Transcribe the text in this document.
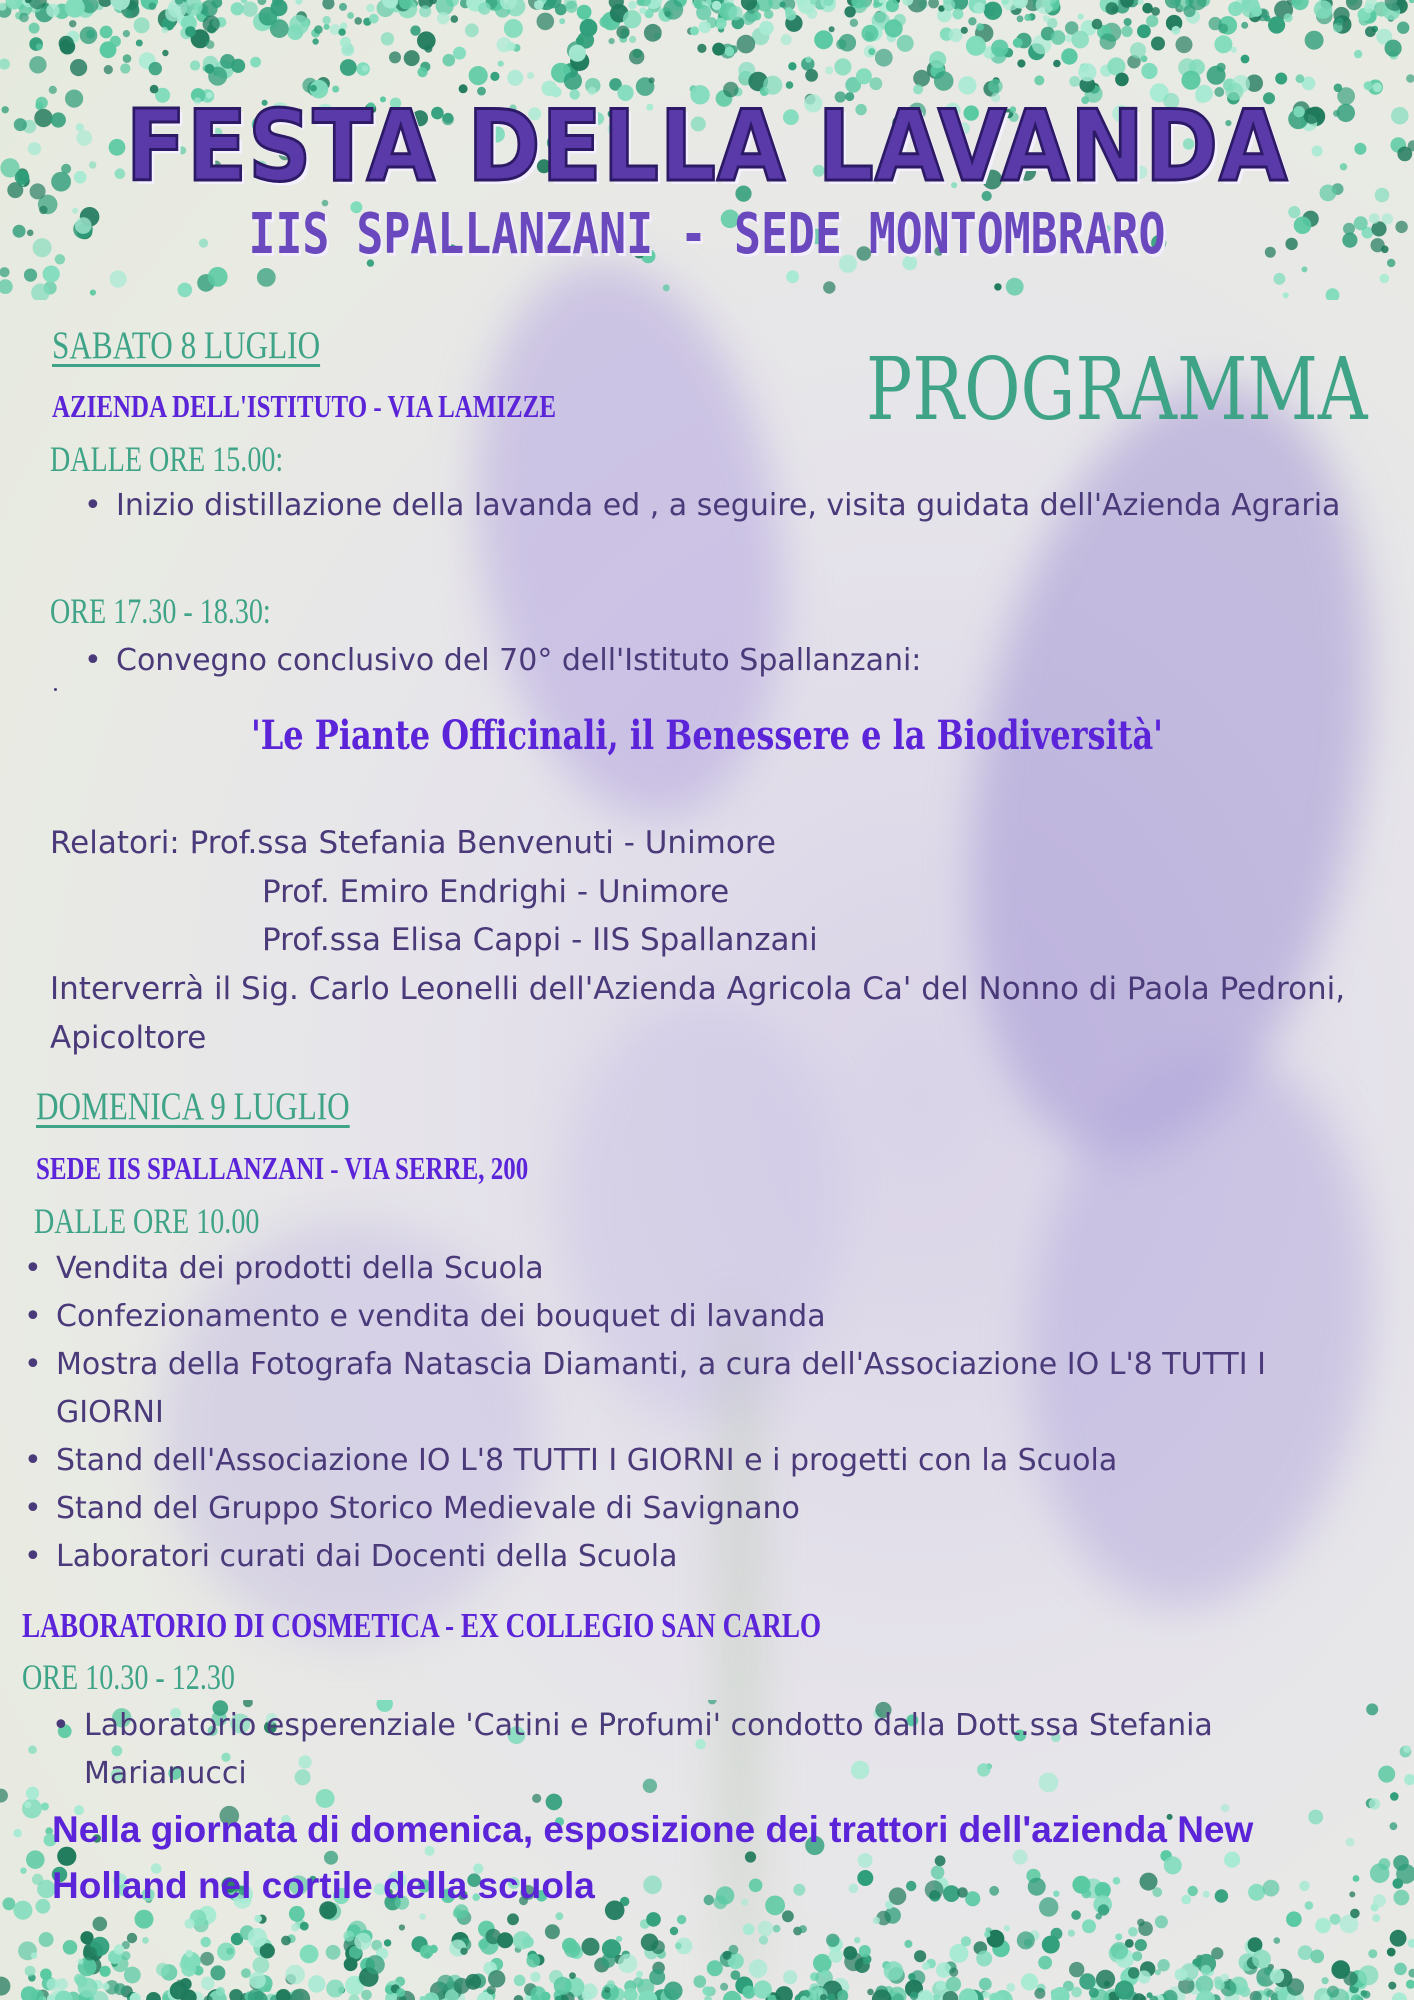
FESTA DELLA LAVANDA
IIS SPALLANZANI - SEDE MONTOMBRARO
PROGRAMMA
SABATO 8 LUGLIO
AZIENDA DELL'ISTITUTO - VIA LAMIZZE
DALLE ORE 15.00:
• Inizio distillazione della lavanda ed , a seguire, visita guidata dell'Azienda Agraria
ORE 17.30 - 18.30:
• Convegno conclusivo del 70° dell'Istituto Spallanzani:
'Le Piante Officinali, il Benessere e la Biodiversità'
Relatori: Prof.ssa Stefania Benvenuti - Unimore
Prof. Emiro Endrighi - Unimore
Prof.ssa Elisa Cappi - IIS Spallanzani
Interverrà il Sig. Carlo Leonelli dell'Azienda Agricola Ca' del Nonno di Paola Pedroni, Apicoltore
DOMENICA 9 LUGLIO
SEDE IIS SPALLANZANI - VIA SERRE, 200
DALLE ORE 10.00
• Vendita dei prodotti della Scuola
• Confezionamento e vendita dei bouquet di lavanda
• Mostra della Fotografa Natascia Diamanti, a cura dell'Associazione IO L'8 TUTTI I GIORNI
• Stand dell'Associazione IO L'8 TUTTI I GIORNI e i progetti con la Scuola
• Stand del Gruppo Storico Medievale di Savignano
• Laboratori curati dai Docenti della Scuola
LABORATORIO DI COSMETICA - EX COLLEGIO SAN CARLO
ORE 10.30 - 12.30
• Laboratorio esperenziale 'Catini e Profumi' condotto dalla Dott.ssa Stefania Marianucci
Nella giornata di domenica, esposizione dei trattori dell'azienda New Holland nel cortile della scuola
